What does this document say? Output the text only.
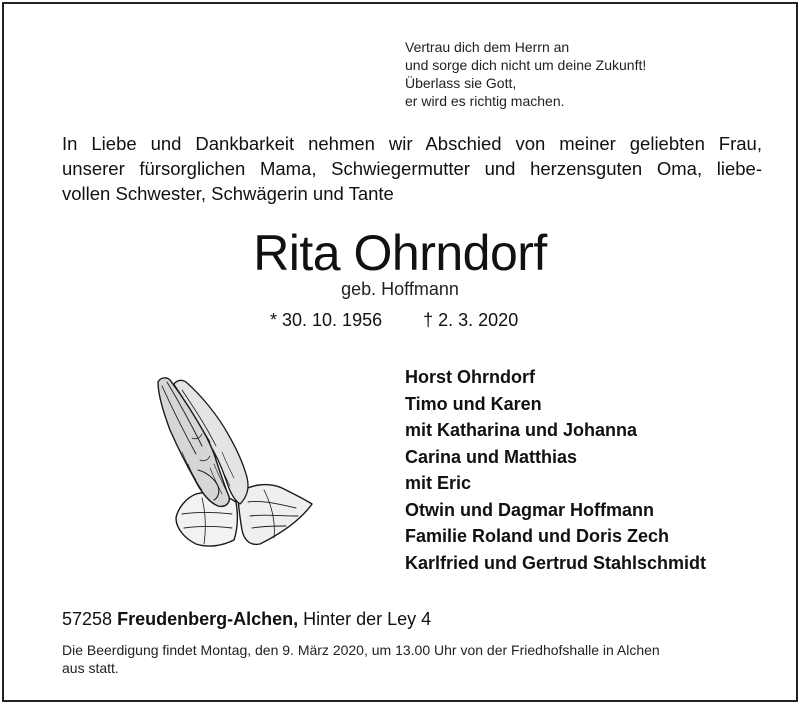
Vertrau dich dem Herrn an
und sorge dich nicht um deine Zukunft!
Überlass sie Gott,
er wird es richtig machen.
In Liebe und Dankbarkeit nehmen wir Abschied von meiner geliebten Frau,
unserer fürsorglichen Mama, Schwiegermutter und herzensguten Oma, liebe-
vollen Schwester, Schwägerin und Tante
Rita Ohrndorf
geb. Hoffmann
* 30. 10. 1956 † 2. 3. 2020
Horst Ohrndorf
Timo und Karen
mit Katharina und Johanna
Carina und Matthias
mit Eric
Otwin und Dagmar Hoffmann
Familie Roland und Doris Zech
Karlfried und Gertrud Stahlschmidt
57258 Freudenberg-Alchen, Hinter der Ley 4
Die Beerdigung findet Montag, den 9. März 2020, um 13.00 Uhr von der Friedhofshalle in Alchen
aus statt.
